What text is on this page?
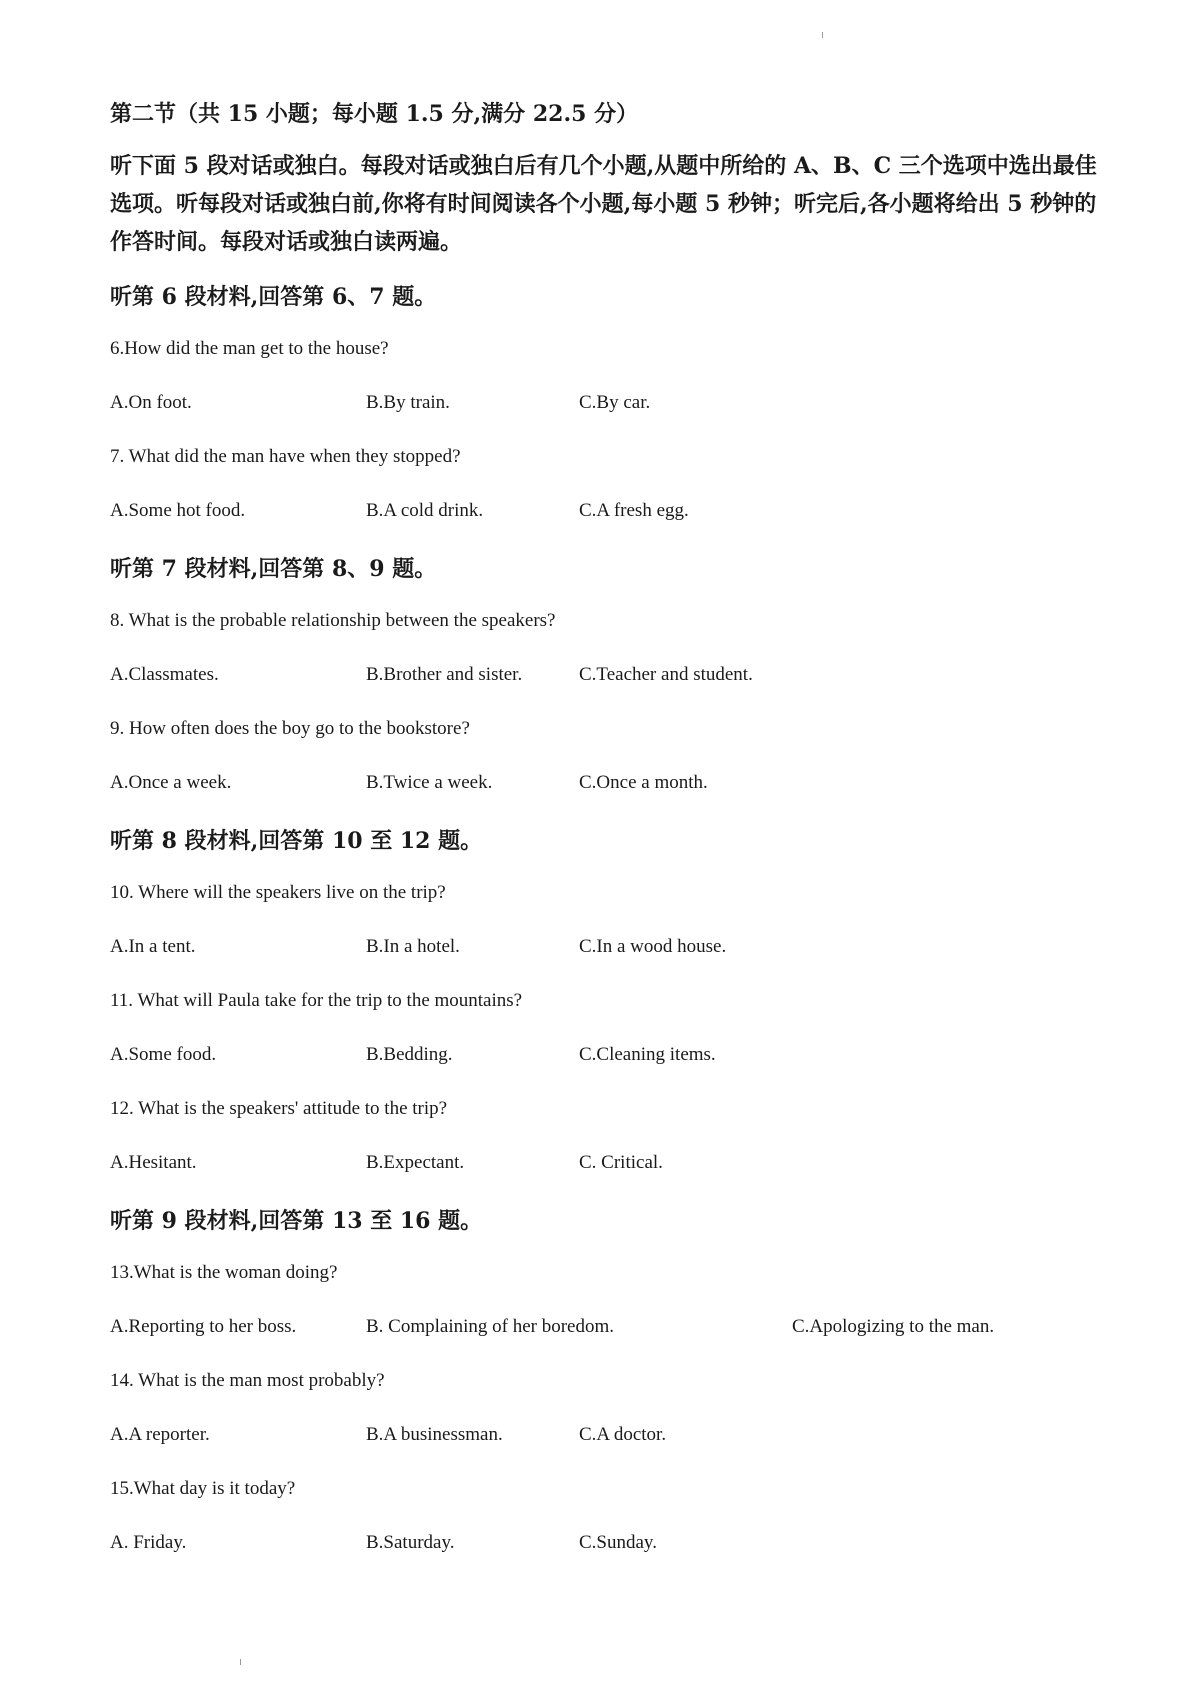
第二节（共 15 小题；每小题 1.5 分,满分 22.5 分）
听下面 5 段对话或独白。每段对话或独白后有几个小题,从题中所给的 A、B、C 三个选项中选出最佳选项。听每段对话或独白前,你将有时间阅读各个小题,每小题 5 秒钟；听完后,各小题将给出 5 秒钟的作答时间。每段对话或独白读两遍。
听第 6 段材料,回答第 6、7 题。
6.How did the man get to the house?
A.On foot.	B.By train.	C.By car.
7. What did the man have when they stopped?
A.Some hot food.	B.A cold drink.	C.A fresh egg.
听第 7 段材料,回答第 8、9 题。
8. What is the probable relationship between the speakers?
A.Classmates.	B.Brother and sister.	C.Teacher and student.
9. How often does the boy go to the bookstore?
A.Once a week.	B.Twice a week.	C.Once a month.
听第 8 段材料,回答第 10 至 12 题。
10. Where will the speakers live on the trip?
A.In a tent.	B.In a hotel.	C.In a wood house.
11. What will Paula take for the trip to the mountains?
A.Some food.	B.Bedding.	C.Cleaning items.
12. What is the speakers' attitude to the trip?
A.Hesitant.	B.Expectant.	C. Critical.
听第 9 段材料,回答第 13 至 16 题。
13.What is the woman doing?
A.Reporting to her boss.	B. Complaining of her boredom.	C.Apologizing to the man.
14. What is the man most probably?
A.A reporter.	B.A businessman.	C.A doctor.
15.What day is it today?
A. Friday.	B.Saturday.	C.Sunday.
